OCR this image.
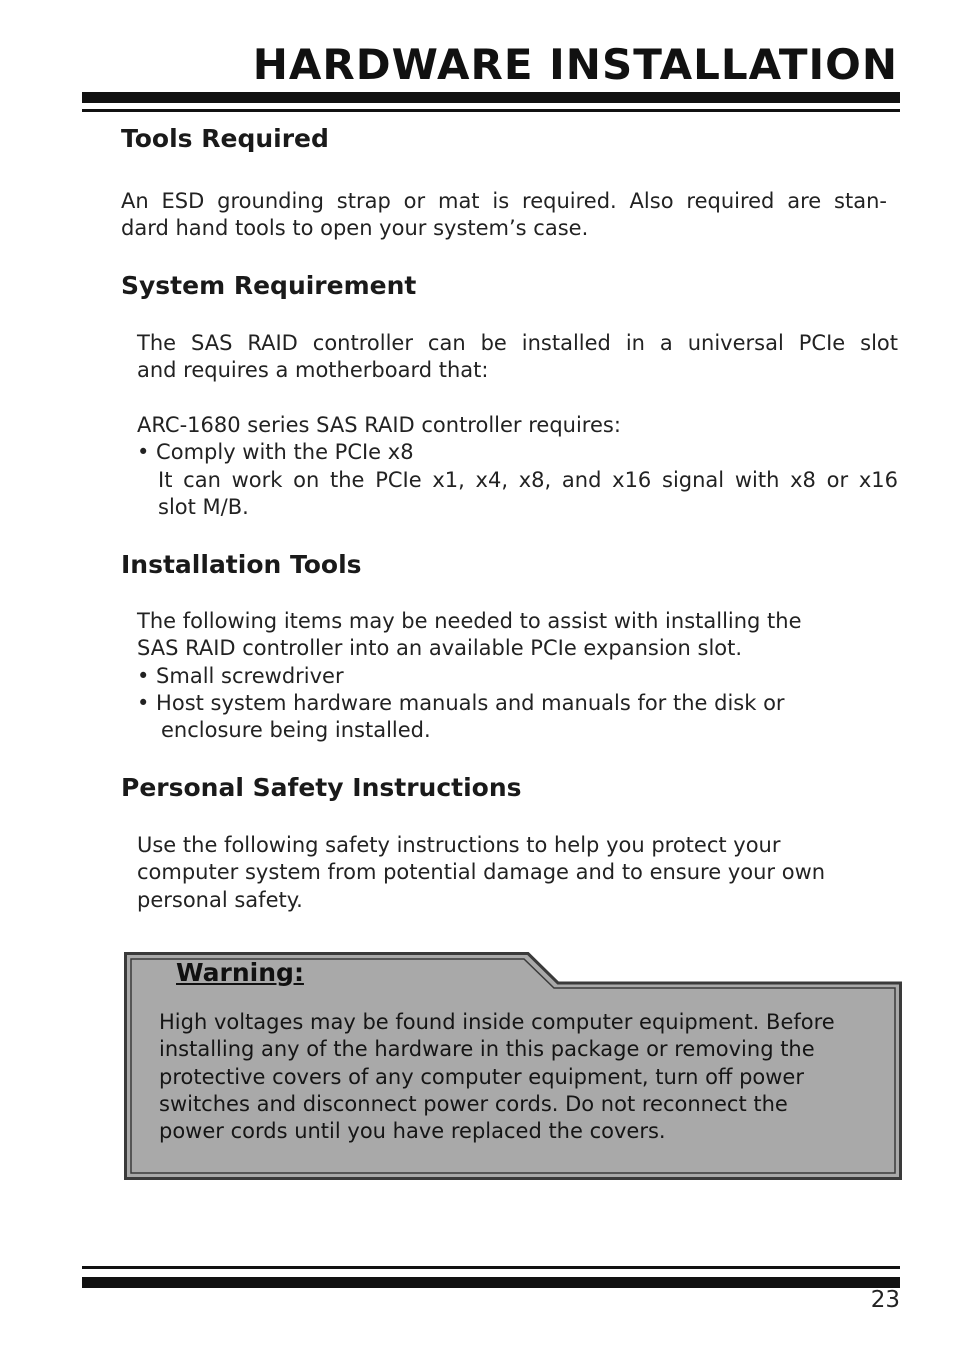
HARDWARE INSTALLATION
Tools Required
An ESD grounding strap or mat is required. Also required are stan-
dard hand tools to open your system’s case.
System Requirement
The SAS RAID controller can be installed in a universal PCIe slot
and requires a motherboard that:
ARC-1680 series SAS RAID controller requires:
• Comply with the PCIe x8
It can work on the PCIe x1, x4, x8, and x16 signal with x8 or x16
slot M/B.
Installation Tools
The following items may be needed to assist with installing the
SAS RAID controller into an available PCIe expansion slot.
• Small screwdriver
• Host system hardware manuals and manuals for the disk or
enclosure being installed.
Personal Safety Instructions
Use the following safety instructions to help you protect your
computer system from potential damage and to ensure your own
personal safety.
Warning:
High voltages may be found inside computer equipment. Before
installing any of the hardware in this package or removing the
protective covers of any computer equipment, turn off power
switches and disconnect power cords. Do not reconnect the
power cords until you have replaced the covers.
23
